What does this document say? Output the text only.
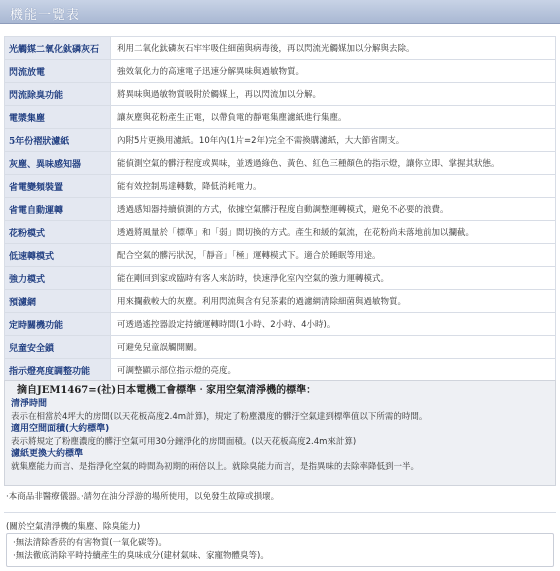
機能一覽表
光觸媒二氧化鈦磷灰石	利用二氧化鈦磷灰石牢牢吸住細菌與病毒後，再以閃流光觸媒加以分解與去除。
閃流放電	強效氧化力的高速電子迅速分解異味與過敏物質。
閃流除臭功能	將異味與過敏物質吸附於觸媒上，再以閃流加以分解。
電漿集塵	讓灰塵與花粉產生正電，以帶負電的靜電集塵濾紙進行集塵。
5年份褶狀濾紙	內附5片更換用濾紙。10年內(1片=2年)完全不需換購濾紙，大大節省開支。
灰塵、異味感知器	能偵測空氣的髒汙程度或異味，並透過綠色、黃色、紅色三種顏色的指示燈，讓你立即、掌握其狀態。
省電變頻裝置	能有效控制馬達轉數，降低消耗電力。
省電自動運轉	透過感知器持續偵測的方式，依據空氣髒汙程度自動調整運轉模式，避免不必要的浪費。
花粉模式	透過將風量於「標準」和「弱」間切換的方式。產生和緩的氣流，在花粉尚未落地前加以攔截。
低速轉模式	配合空氣的髒污狀況，「靜音」「極」運轉模式下。適合於睡眠等用途。
強力模式	能在剛回到家或臨時有客人來訪時，快速淨化室內空氣的強力運轉模式。
預濾網	用來攔截較大的灰塵。利用閃流與含有兒茶素的過濾網清除細菌與過敏物質。
定時關機功能	可透過遙控器設定持續運轉時間(1小時、2小時、4小時)。
兒童安全鎖	可避免兒童誤觸開關。
指示燈亮度調整功能	可調整顯示部位指示燈的亮度。
摘自JEM1467=(社)日本電機工會標準‧家用空氣清淨機的標準：
清淨時間
表示在相當於4坪大的房間(以天花板高度2.4m計算)，規定了粉塵濃度的髒汙空氣達到標準值以下所需的時間。
適用空間面積(大約標準)
表示將規定了粉塵濃度的髒汙空氣可用30分鐘淨化的房間面積。(以天花板高度2.4m來計算)
濾紙更換大約標準
就集塵能力而言、是指淨化空氣的時間為初期的兩倍以上。就除臭能力而言，是指異味的去除率降低到一半。
‧本商品非醫療儀器。‧請勿在油分浮游的場所使用，以免發生故障或損壞。
(關於空氣清淨機的集塵、除臭能力)
‧無法清除香菸的有害物質(一氧化碳等)。
‧無法徹底消除平時持續產生的臭味成分(建材氣味、家寵物體臭等)。
